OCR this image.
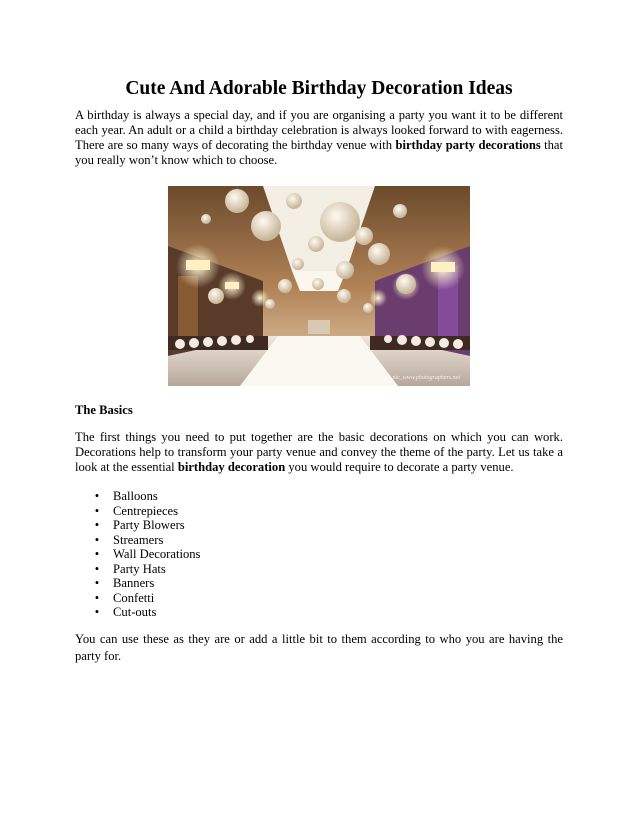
Cute And Adorable Birthday Decoration Ideas

A birthday is always a special day, and if you are organising a party you want it to be different each year. An adult or a child a birthday celebration is always looked forward to with eagerness. There are so many ways of decorating the birthday venue with birthday party decorations that you really won’t know which to choose.

pic_www.photographers.net
The Basics

The first things you need to put together are the basic decorations on which you can work. Decorations help to transform your party venue and convey the theme of the party. Let us take a look at the essential birthday decoration you would require to decorate a party venue.

• Balloons
• Centrepieces
• Party Blowers
• Streamers
• Wall Decorations
• Party Hats
• Banners
• Confetti
• Cut-outs

You can use these as they are or add a little bit to them according to who you are having the party for.
